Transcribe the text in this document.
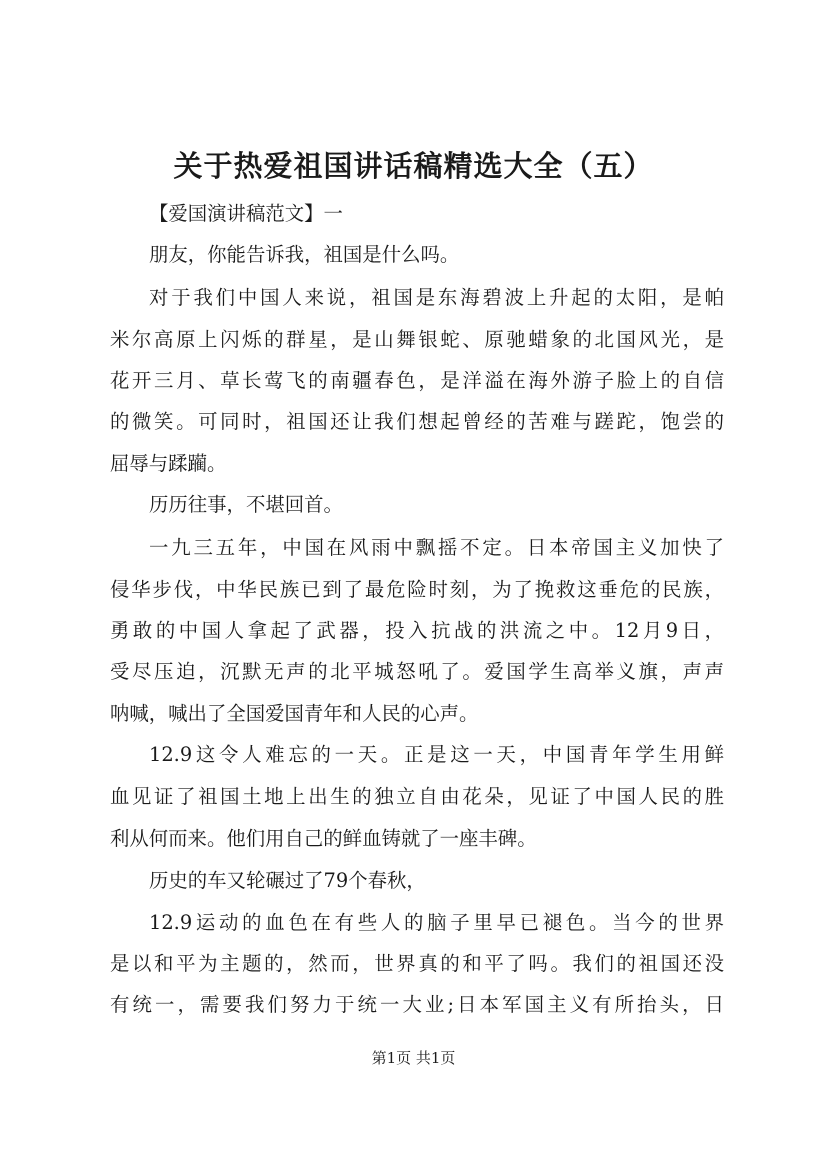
关于热爱祖国讲话稿精选大全（五）
【爱国演讲稿范文】一
朋友，你能告诉我，祖国是什么吗。
对于我们中国人来说，祖国是东海碧波上升起的太阳，是帕
米尔高原上闪烁的群星，是山舞银蛇、原驰蜡象的北国风光，是
花开三月、草长莺飞的南疆春色，是洋溢在海外游子脸上的自信
的微笑。可同时，祖国还让我们想起曾经的苦难与蹉跎，饱尝的
屈辱与蹂躏。
历历往事，不堪回首。
一九三五年，中国在风雨中飘摇不定。日本帝国主义加快了
侵华步伐，中华民族已到了最危险时刻，为了挽救这垂危的民族，
勇敢的中国人拿起了武器，投入抗战的洪流之中。12月9日，
受尽压迫，沉默无声的北平城怒吼了。爱国学生高举义旗，声声
呐喊，喊出了全国爱国青年和人民的心声。
12.9这令人难忘的一天。正是这一天，中国青年学生用鲜
血见证了祖国土地上出生的独立自由花朵，见证了中国人民的胜
利从何而来。他们用自己的鲜血铸就了一座丰碑。
历史的车又轮碾过了79个春秋，
12.9运动的血色在有些人的脑子里早已褪色。当今的世界
是以和平为主题的，然而，世界真的和平了吗。我们的祖国还没
有统一，需要我们努力于统一大业;日本军国主义有所抬头，日
第1页 共1页
